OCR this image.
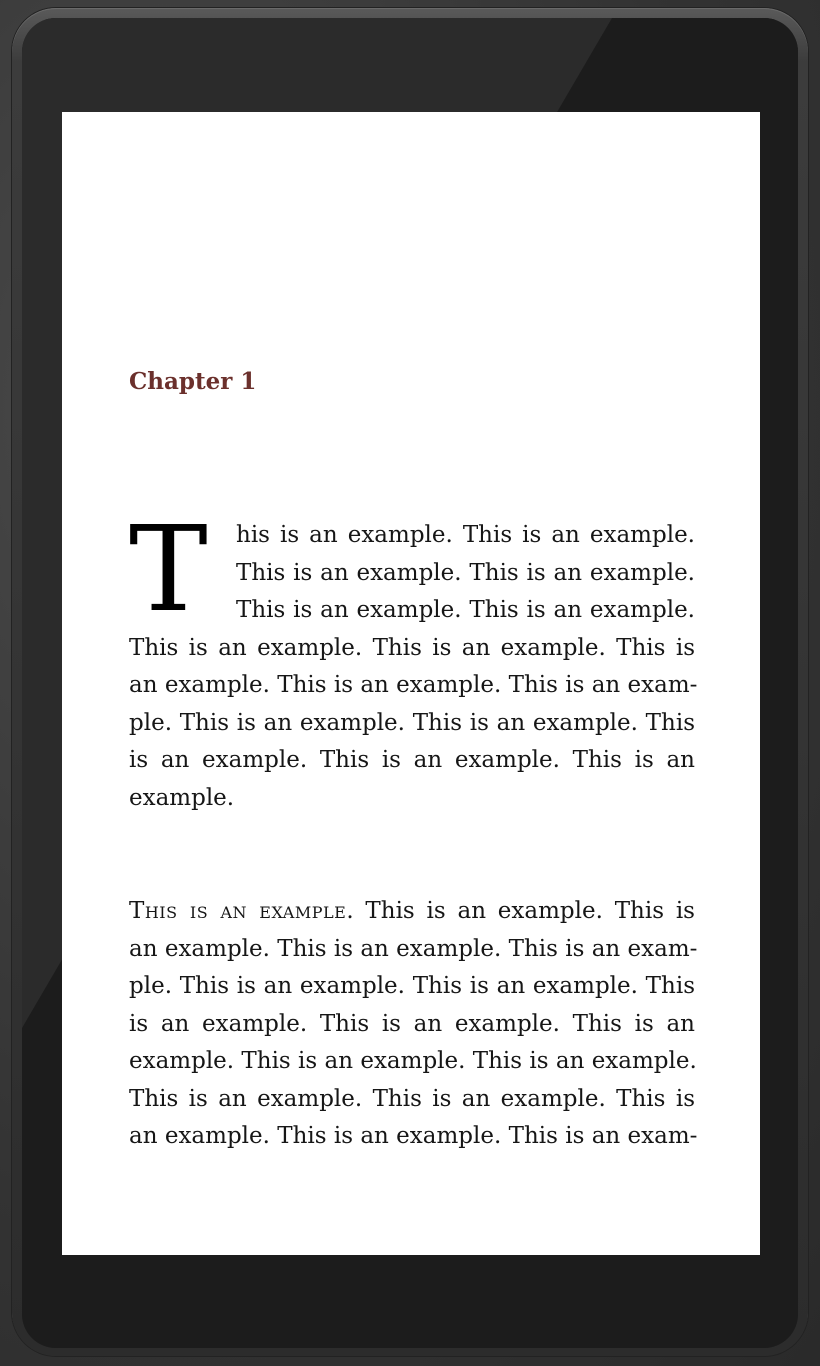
Chapter 1
T	his is an example. This is an example.
This is an example. This is an example.
This is an example. This is an example.
This is an example. This is an example. This is
an example. This is an example. This is an exam-
ple. This is an example. This is an example. This
is an example. This is an example. This is an
example.
This is an example. This is an example. This is
an example. This is an example. This is an exam-
ple. This is an example. This is an example. This
is an example. This is an example. This is an
example. This is an example. This is an example.
This is an example. This is an example. This is
an example. This is an example. This is an exam-
